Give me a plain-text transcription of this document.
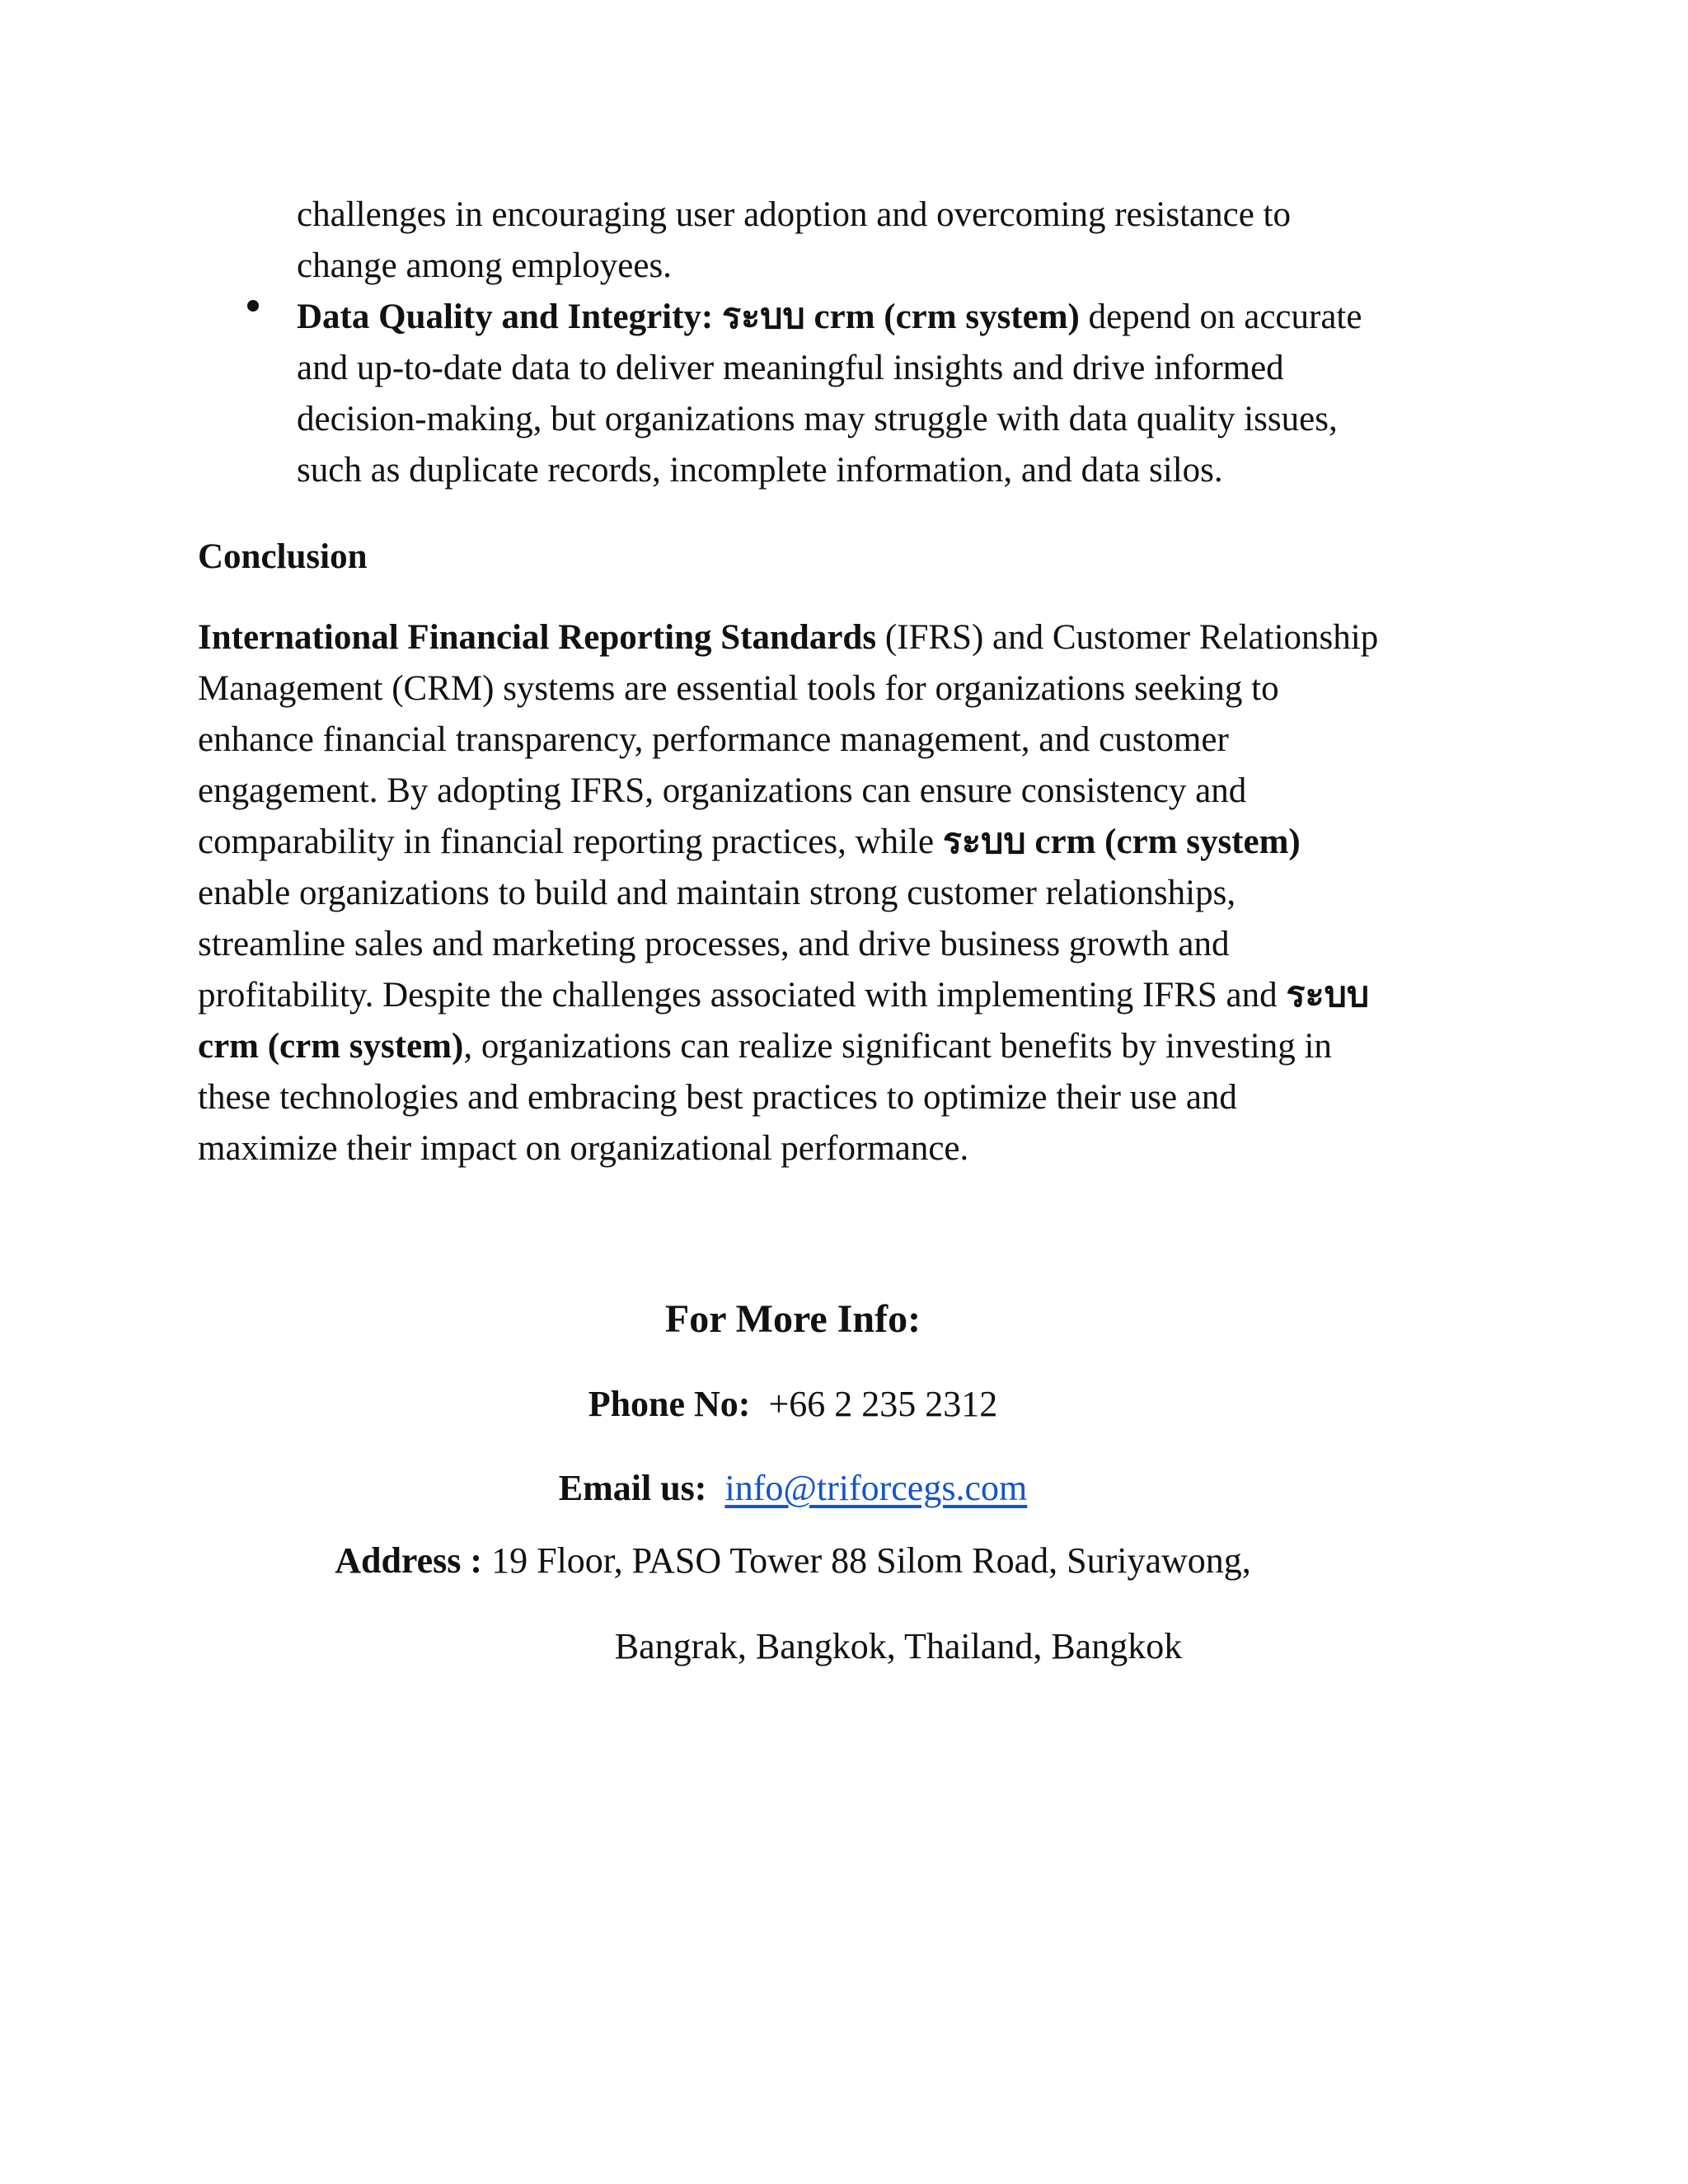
challenges in encouraging user adoption and overcoming resistance to
change among employees.
Data Quality and Integrity: ระบบ crm (crm system) depend on accurate
and up-to-date data to deliver meaningful insights and drive informed
decision-making, but organizations may struggle with data quality issues,
such as duplicate records, incomplete information, and data silos.
Conclusion
International Financial Reporting Standards (IFRS) and Customer Relationship
Management (CRM) systems are essential tools for organizations seeking to
enhance financial transparency, performance management, and customer
engagement. By adopting IFRS, organizations can ensure consistency and
comparability in financial reporting practices, while ระบบ crm (crm system)
enable organizations to build and maintain strong customer relationships,
streamline sales and marketing processes, and drive business growth and
profitability. Despite the challenges associated with implementing IFRS and ระบบ
crm (crm system), organizations can realize significant benefits by investing in
these technologies and embracing best practices to optimize their use and
maximize their impact on organizational performance.
For More Info:
Phone No: +66 2 235 2312
Email us: info@triforcegs.com
Address : 19 Floor, PASO Tower 88 Silom Road, Suriyawong,
Bangrak, Bangkok, Thailand, Bangkok
